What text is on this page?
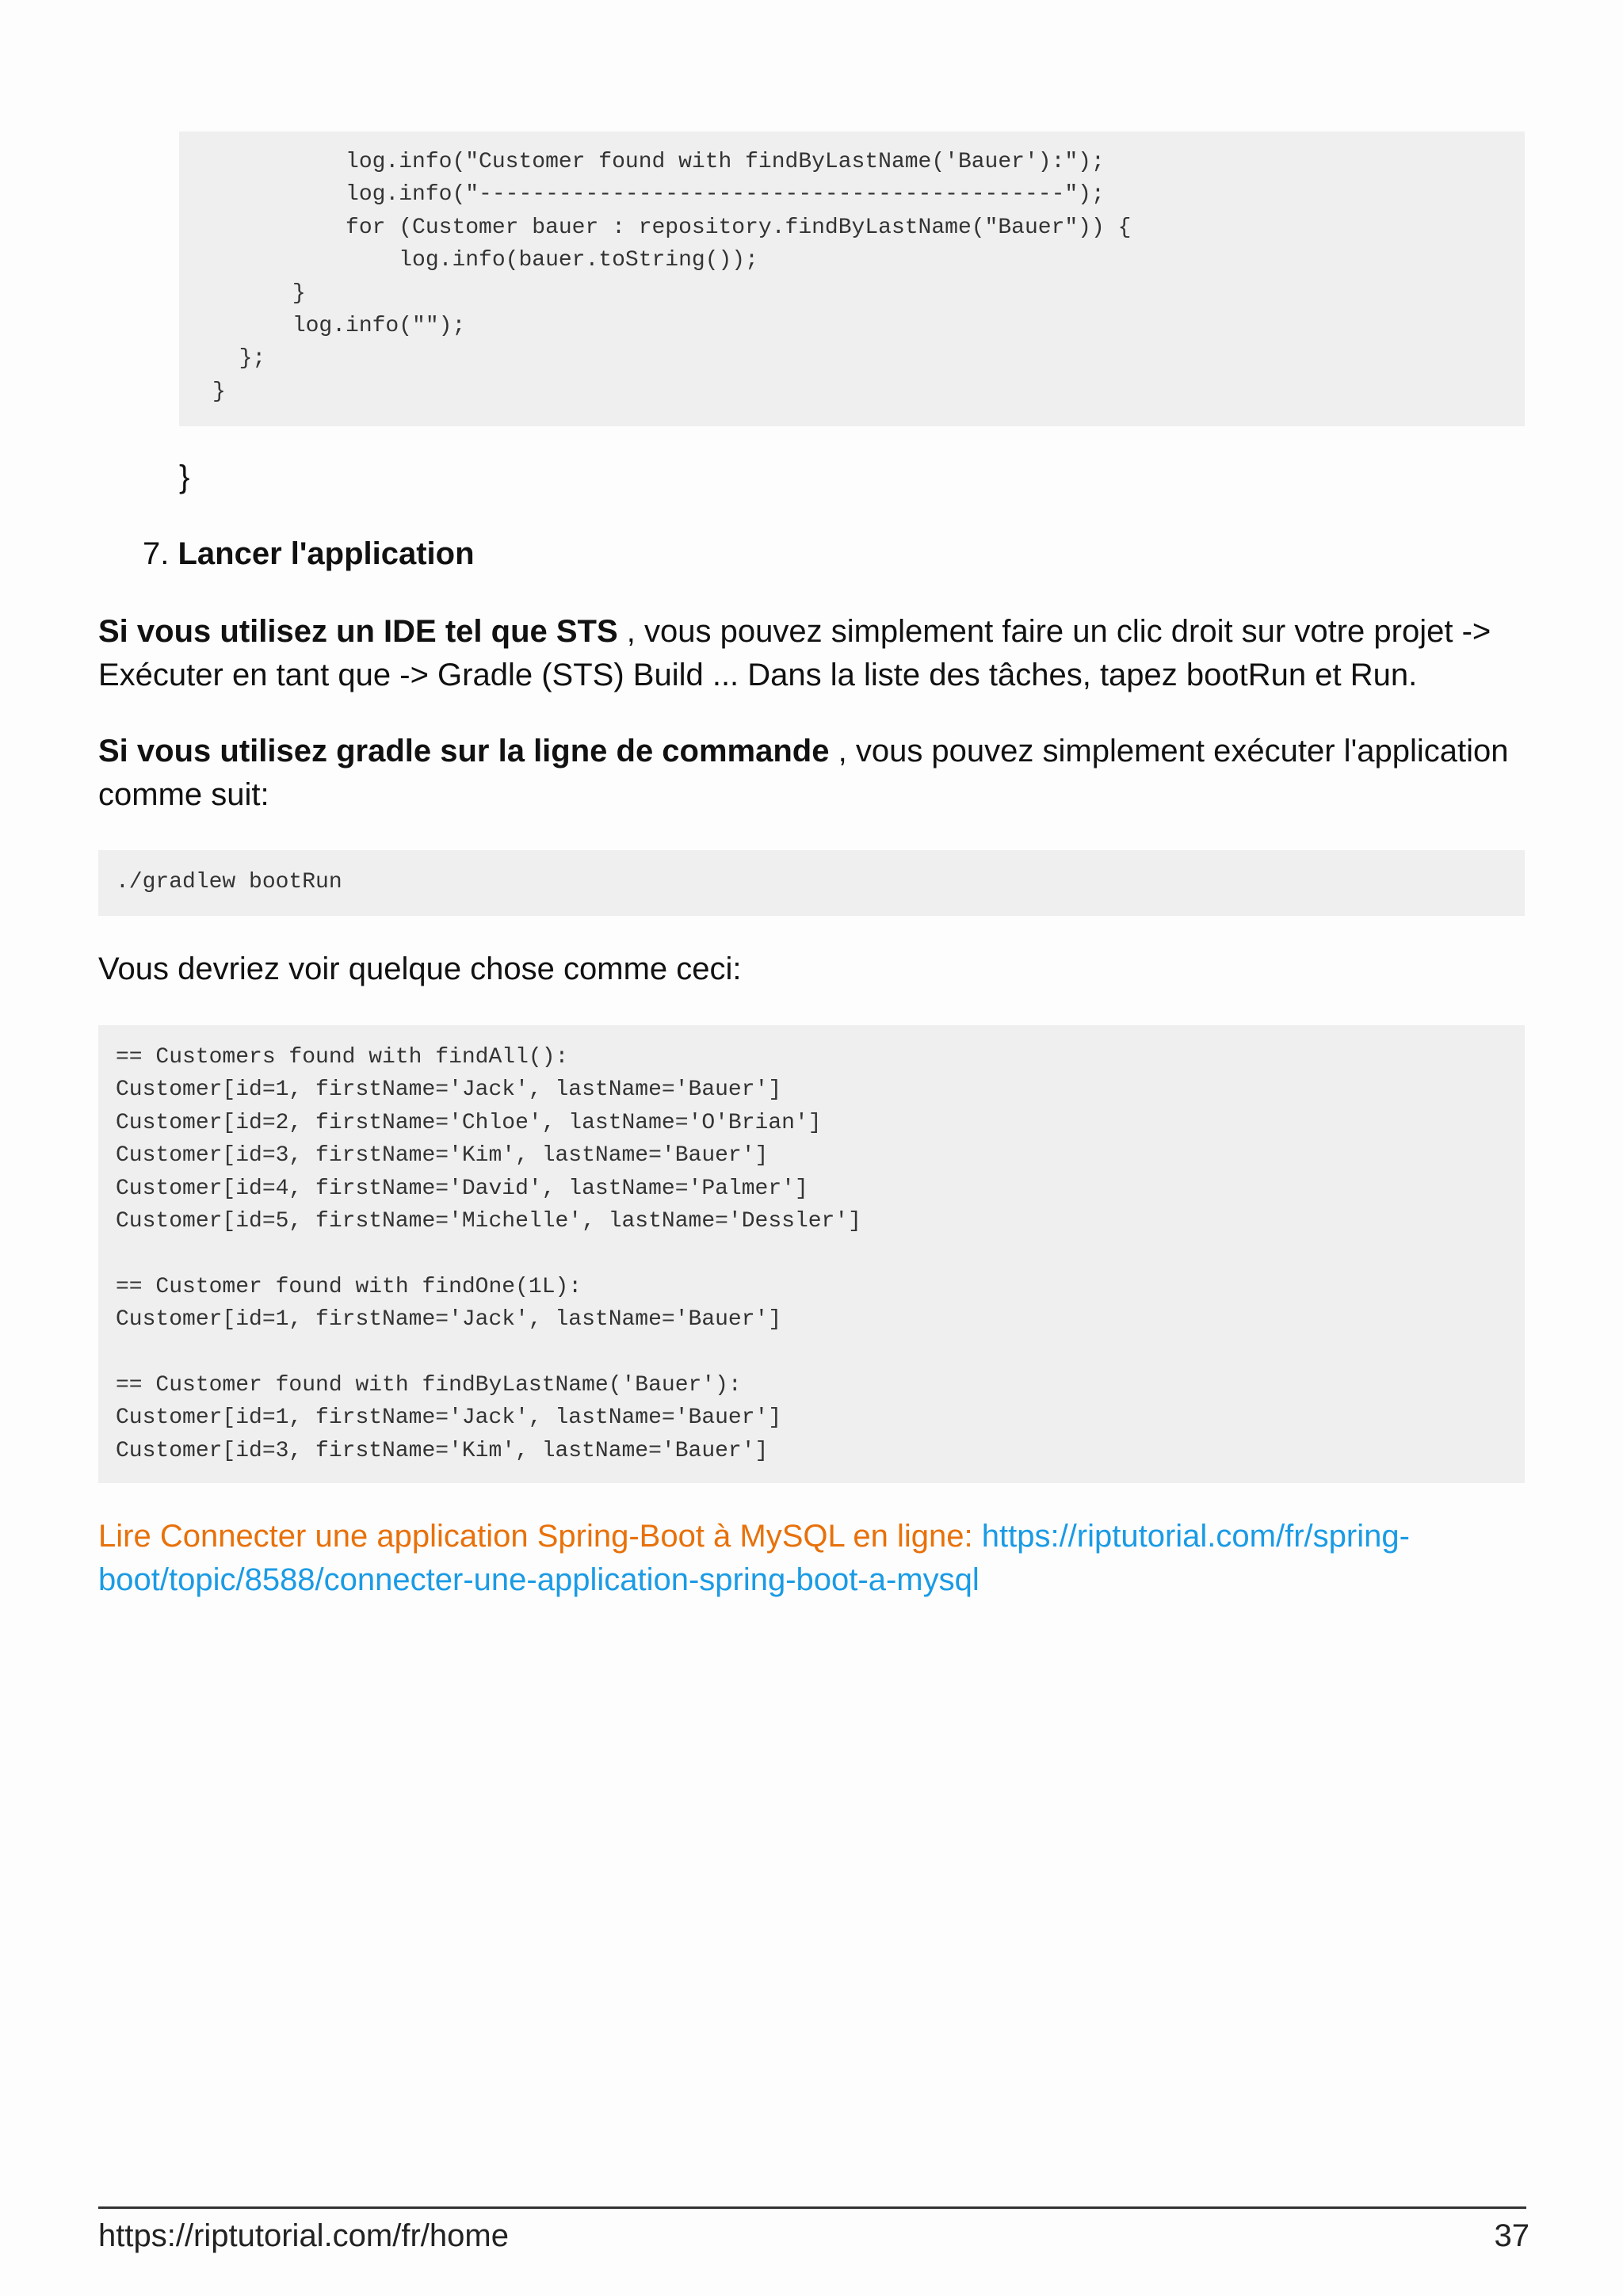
log.info("Customer found with findByLastName('Bauer'):");
log.info("--------------------------------------------");
for (Customer bauer : repository.findByLastName("Bauer")) {
log.info(bauer.toString());
}
log.info("");
};
}
}
7. Lancer l'application

Si vous utilisez un IDE tel que STS , vous pouvez simplement faire un clic droit sur votre projet -> Exécuter en tant que -> Gradle (STS) Build ... Dans la liste des tâches, tapez bootRun et Run.

Si vous utilisez gradle sur la ligne de commande , vous pouvez simplement exécuter l'application comme suit:

./gradlew bootRun

Vous devriez voir quelque chose comme ceci:

== Customers found with findAll():
Customer[id=1, firstName='Jack', lastName='Bauer']
Customer[id=2, firstName='Chloe', lastName='O'Brian']
Customer[id=3, firstName='Kim', lastName='Bauer']
Customer[id=4, firstName='David', lastName='Palmer']
Customer[id=5, firstName='Michelle', lastName='Dessler']

== Customer found with findOne(1L):
Customer[id=1, firstName='Jack', lastName='Bauer']

== Customer found with findByLastName('Bauer'):
Customer[id=1, firstName='Jack', lastName='Bauer']
Customer[id=3, firstName='Kim', lastName='Bauer']

Lire Connecter une application Spring-Boot à MySQL en ligne: https://riptutorial.com/fr/spring-boot/topic/8588/connecter-une-application-spring-boot-a-mysql

https://riptutorial.com/fr/home	37
